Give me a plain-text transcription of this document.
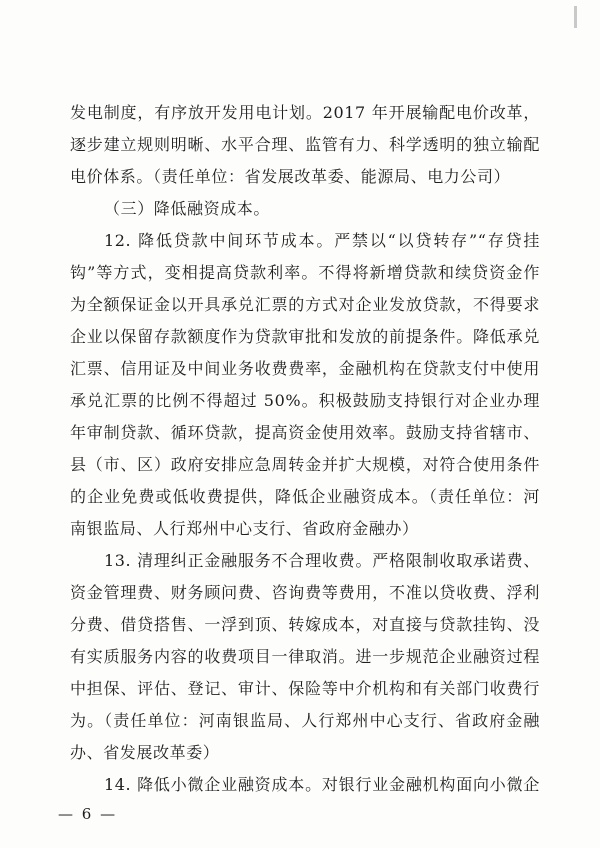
发电制度，有序放开发用电计划。2017 年开展输配电价改革，
逐步建立规则明晰、水平合理、监管有力、科学透明的独立输配
电价体系。（责任单位：省发展改革委、能源局、电力公司）
（三）降低融资成本。
12. 降低贷款中间环节成本。严禁以“以贷转存”“存贷挂
钩”等方式，变相提高贷款利率。不得将新增贷款和续贷资金作
为全额保证金以开具承兑汇票的方式对企业发放贷款，不得要求
企业以保留存款额度作为贷款审批和发放的前提条件。降低承兑
汇票、信用证及中间业务收费费率，金融机构在贷款支付中使用
承兑汇票的比例不得超过 50%。积极鼓励支持银行对企业办理
年审制贷款、循环贷款，提高资金使用效率。鼓励支持省辖市、
县（市、区）政府安排应急周转金并扩大规模，对符合使用条件
的企业免费或低收费提供，降低企业融资成本。（责任单位：河
南银监局、人行郑州中心支行、省政府金融办）
13. 清理纠正金融服务不合理收费。严格限制收取承诺费、
资金管理费、财务顾问费、咨询费等费用，不准以贷收费、浮利
分费、借贷搭售、一浮到顶、转嫁成本，对直接与贷款挂钩、没
有实质服务内容的收费项目一律取消。进一步规范企业融资过程
中担保、评估、登记、审计、保险等中介机构和有关部门收费行
为。（责任单位：河南银监局、人行郑州中心支行、省政府金融
办、省发展改革委）
14. 降低小微企业融资成本。对银行业金融机构面向小微企
— 6 —
